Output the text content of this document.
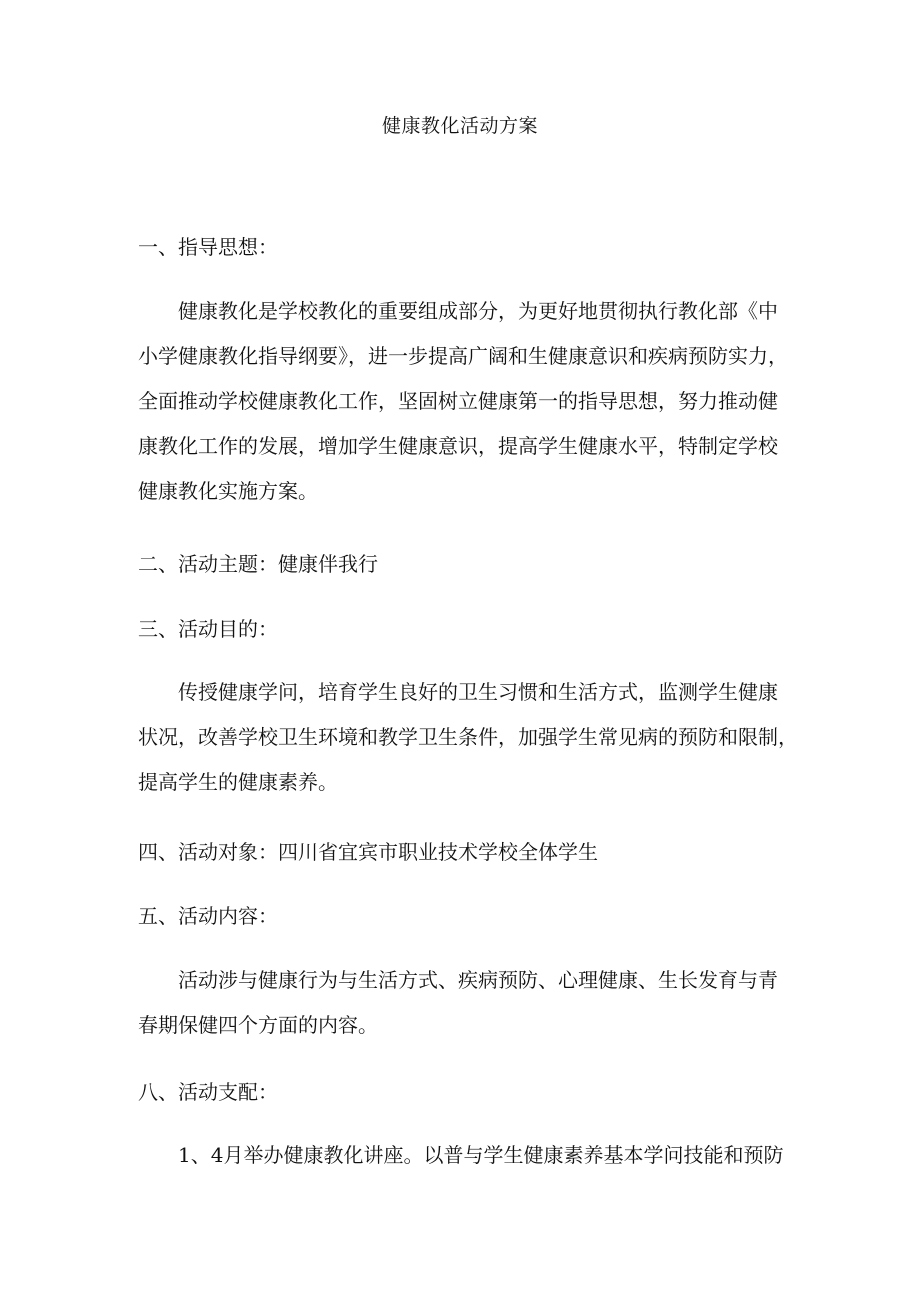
健康教化活动方案
一、指导思想：
健康教化是学校教化的重要组成部分，为更好地贯彻执行教化部《中
小学健康教化指导纲要》，进一步提高广阔和生健康意识和疾病预防实力，
全面推动学校健康教化工作，坚固树立健康第一的指导思想，努力推动健
康教化工作的发展，增加学生健康意识，提高学生健康水平，特制定学校
健康教化实施方案。
二、活动主题：健康伴我行
三、活动目的：
传授健康学问，培育学生良好的卫生习惯和生活方式，监测学生健康
状况，改善学校卫生环境和教学卫生条件，加强学生常见病的预防和限制，
提高学生的健康素养。
四、活动对象：四川省宜宾市职业技术学校全体学生
五、活动内容：
活动涉与健康行为与生活方式、疾病预防、心理健康、生长发育与青
春期保健四个方面的内容。
八、活动支配：
1、4月举办健康教化讲座。以普与学生健康素养基本学问技能和预防
